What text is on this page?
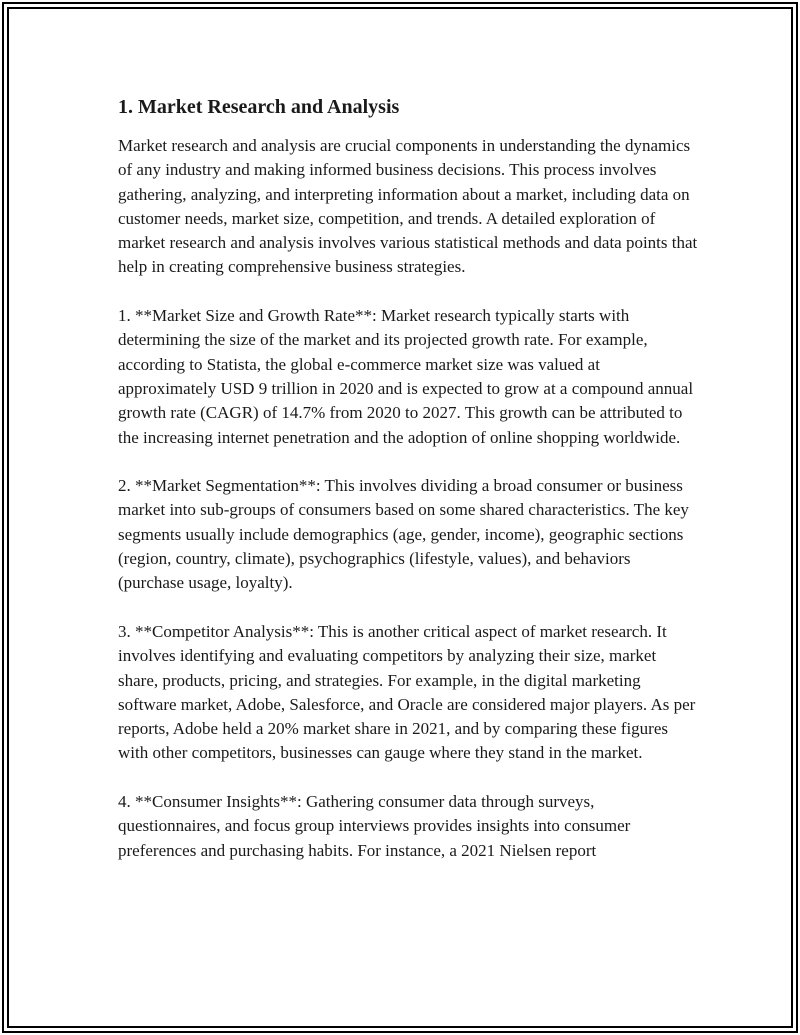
1. Market Research and Analysis

Market research and analysis are crucial components in understanding the dynamics of any industry and making informed business decisions. This process involves gathering, analyzing, and interpreting information about a market, including data on customer needs, market size, competition, and trends. A detailed exploration of market research and analysis involves various statistical methods and data points that help in creating comprehensive business strategies.

1. **Market Size and Growth Rate**: Market research typically starts with determining the size of the market and its projected growth rate. For example, according to Statista, the global e-commerce market size was valued at approximately USD 9 trillion in 2020 and is expected to grow at a compound annual growth rate (CAGR) of 14.7% from 2020 to 2027. This growth can be attributed to the increasing internet penetration and the adoption of online shopping worldwide.

2. **Market Segmentation**: This involves dividing a broad consumer or business market into sub-groups of consumers based on some shared characteristics. The key segments usually include demographics (age, gender, income), geographic sections (region, country, climate), psychographics (lifestyle, values), and behaviors (purchase usage, loyalty).

3. **Competitor Analysis**: This is another critical aspect of market research. It involves identifying and evaluating competitors by analyzing their size, market share, products, pricing, and strategies. For example, in the digital marketing software market, Adobe, Salesforce, and Oracle are considered major players. As per reports, Adobe held a 20% market share in 2021, and by comparing these figures with other competitors, businesses can gauge where they stand in the market.

4. **Consumer Insights**: Gathering consumer data through surveys, questionnaires, and focus group interviews provides insights into consumer preferences and purchasing habits. For instance, a 2021 Nielsen report
